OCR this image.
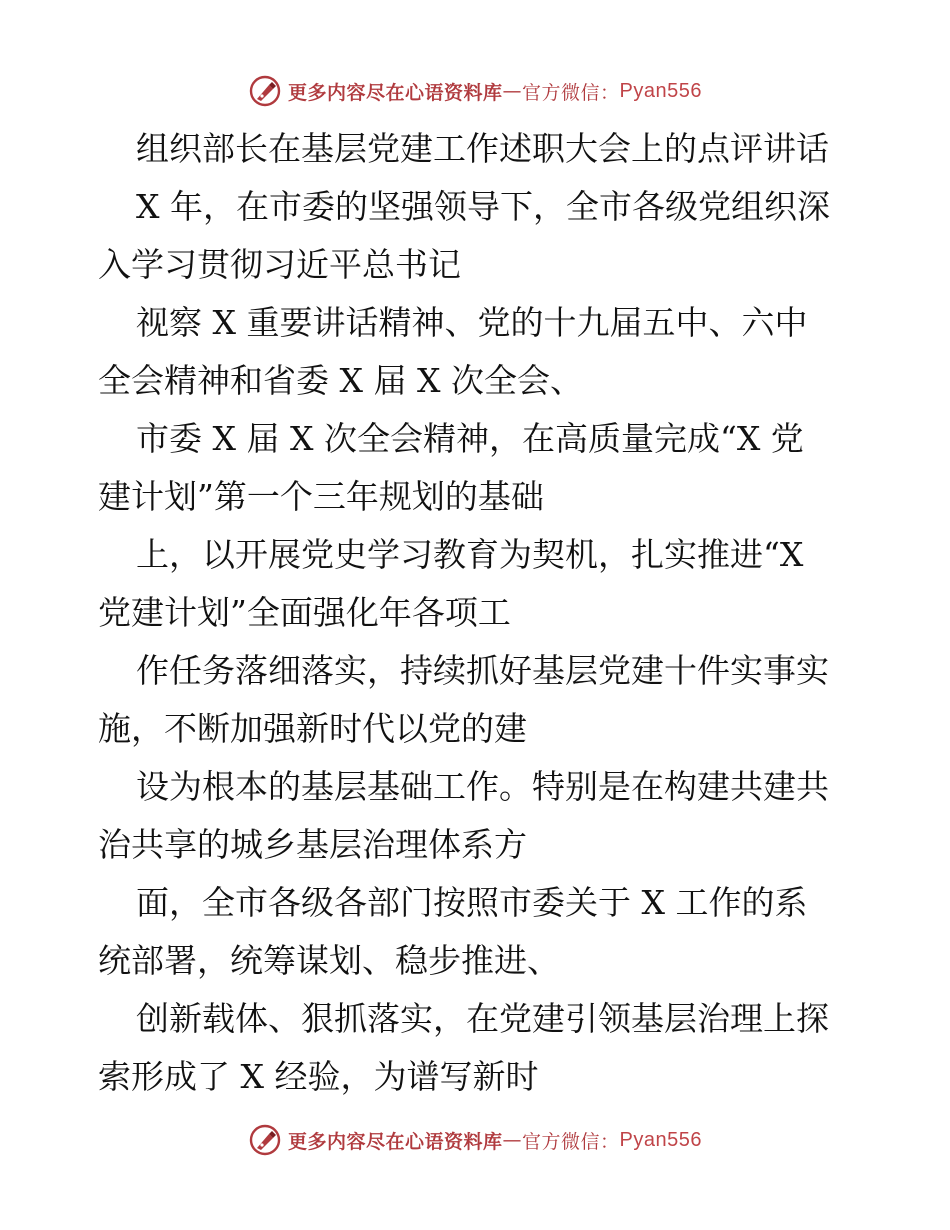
更多内容尽在心语资料库 — 官方微信： Pyan556
组织部长在基层党建工作述职大会上的点评讲话
X 年，在市委的坚强领导下，全市各级党组织深
入学习贯彻习近平总书记
视察 X 重要讲话精神、党的十九届五中、六中
全会精神和省委 X 届 X 次全会、
市委 X 届 X 次全会精神，在高质量完成“X 党
建计划”第一个三年规划的基础
上，以开展党史学习教育为契机，扎实推进“X
党建计划”全面强化年各项工
作任务落细落实，持续抓好基层党建十件实事实
施，不断加强新时代以党的建
设为根本的基层基础工作。特别是在构建共建共
治共享的城乡基层治理体系方
面，全市各级各部门按照市委关于 X 工作的系
统部署，统筹谋划、稳步推进、
创新载体、狠抓落实，在党建引领基层治理上探
索形成了 X 经验，为谱写新时
更多内容尽在心语资料库 — 官方微信： Pyan556
